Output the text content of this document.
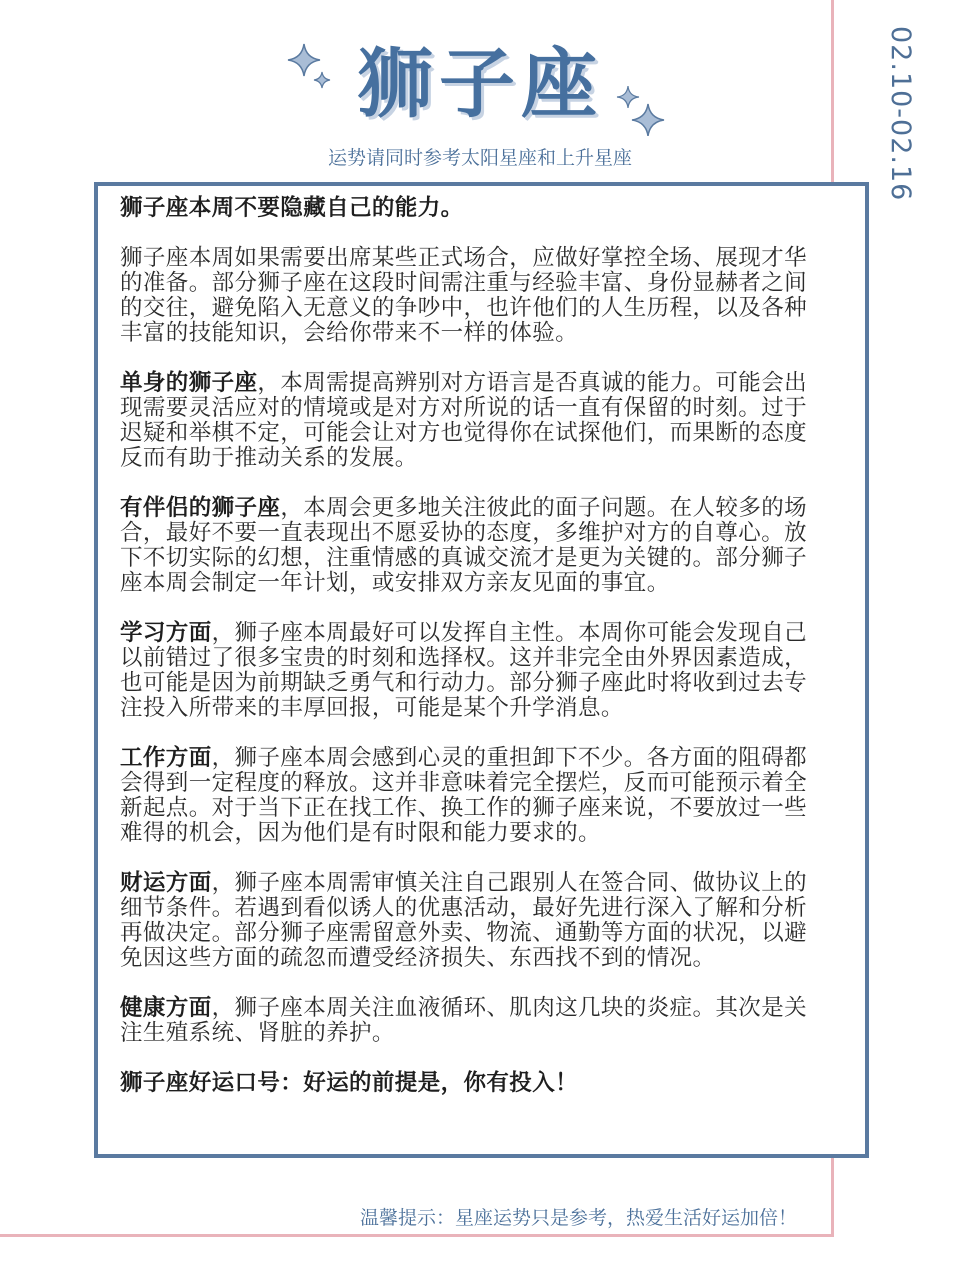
02.10-02.16
狮子座
运势请同时参考太阳星座和上升星座

狮子座本周不要隐藏自己的能力。

狮子座本周如果需要出席某些正式场合，应做好掌控全场、展现才华的准备。部分狮子座在这段时间需注重与经验丰富、身份显赫者之间的交往，避免陷入无意义的争吵中，也许他们的人生历程，以及各种丰富的技能知识，会给你带来不一样的体验。

单身的狮子座，本周需提高辨别对方语言是否真诚的能力。可能会出现需要灵活应对的情境或是对方对所说的话一直有保留的时刻。过于迟疑和举棋不定，可能会让对方也觉得你在试探他们，而果断的态度反而有助于推动关系的发展。

有伴侣的狮子座，本周会更多地关注彼此的面子问题。在人较多的场合，最好不要一直表现出不愿妥协的态度，多维护对方的自尊心。放下不切实际的幻想，注重情感的真诚交流才是更为关键的。部分狮子座本周会制定一年计划，或安排双方亲友见面的事宜。

学习方面，狮子座本周最好可以发挥自主性。本周你可能会发现自己以前错过了很多宝贵的时刻和选择权。这并非完全由外界因素造成，也可能是因为前期缺乏勇气和行动力。部分狮子座此时将收到过去专注投入所带来的丰厚回报，可能是某个升学消息。

工作方面，狮子座本周会感到心灵的重担卸下不少。各方面的阻碍都会得到一定程度的释放。这并非意味着完全摆烂，反而可能预示着全新起点。对于当下正在找工作、换工作的狮子座来说，不要放过一些难得的机会，因为他们是有时限和能力要求的。

财运方面，狮子座本周需审慎关注自己跟别人在签合同、做协议上的细节条件。若遇到看似诱人的优惠活动，最好先进行深入了解和分析再做决定。部分狮子座需留意外卖、物流、通勤等方面的状况，以避免因这些方面的疏忽而遭受经济损失、东西找不到的情况。

健康方面，狮子座本周关注血液循环、肌肉这几块的炎症。其次是关注生殖系统、肾脏的养护。

狮子座好运口号：好运的前提是，你有投入！

温馨提示：星座运势只是参考，热爱生活好运加倍！
